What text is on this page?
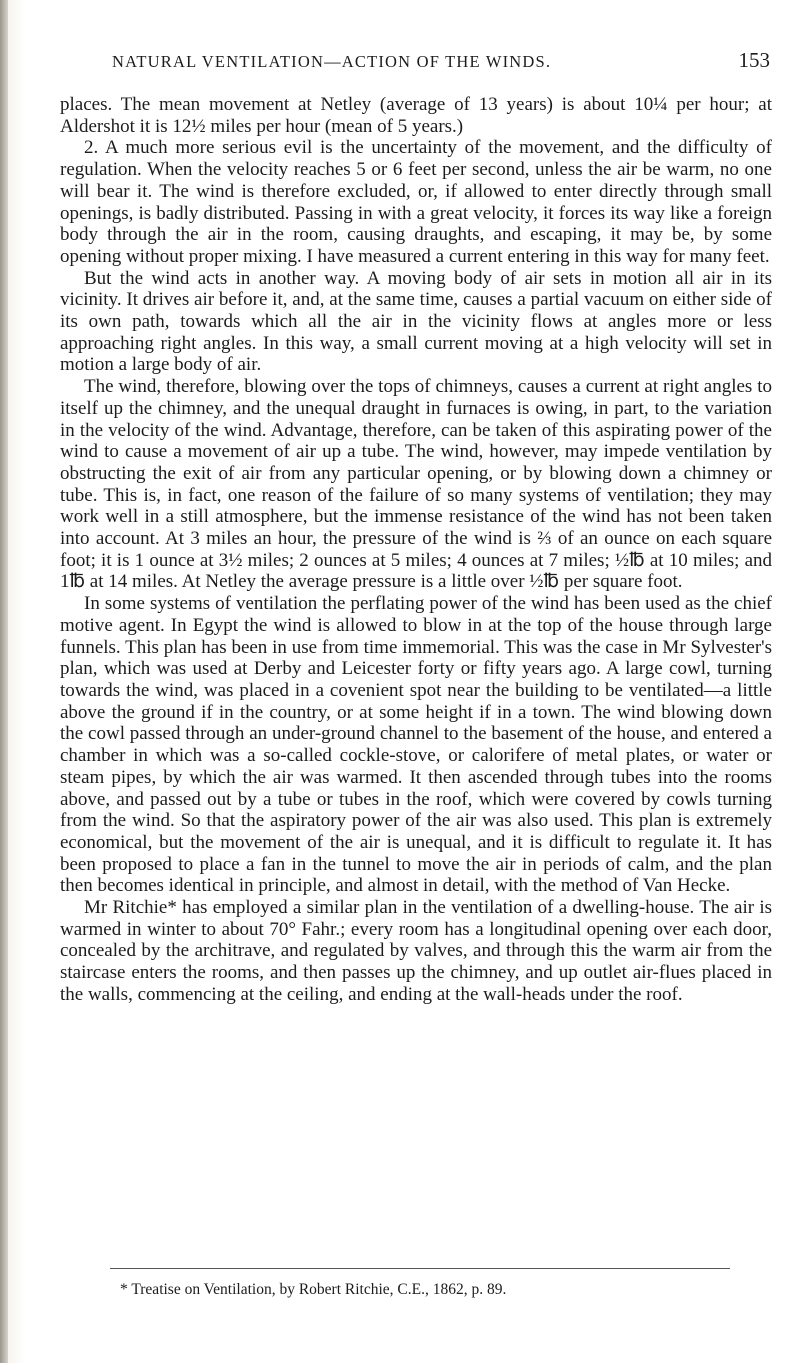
NATURAL VENTILATION—ACTION OF THE WINDS.	153

places. The mean movement at Netley (average of 13 years) is about 10¼ per hour; at Aldershot it is 12½ miles per hour (mean of 5 years.)

2. A much more serious evil is the uncertainty of the movement, and the difficulty of regulation. When the velocity reaches 5 or 6 feet per second, unless the air be warm, no one will bear it. The wind is therefore excluded, or, if allowed to enter directly through small openings, is badly distributed. Passing in with a great velocity, it forces its way like a foreign body through the air in the room, causing draughts, and escaping, it may be, by some opening without proper mixing. I have measured a current entering in this way for many feet.

But the wind acts in another way. A moving body of air sets in motion all air in its vicinity. It drives air before it, and, at the same time, causes a partial vacuum on either side of its own path, towards which all the air in the vicinity flows at angles more or less approaching right angles. In this way, a small current moving at a high velocity will set in motion a large body of air.

The wind, therefore, blowing over the tops of chimneys, causes a current at right angles to itself up the chimney, and the unequal draught in furnaces is owing, in part, to the variation in the velocity of the wind. Advantage, therefore, can be taken of this aspirating power of the wind to cause a movement of air up a tube. The wind, however, may impede ventilation by obstructing the exit of air from any particular opening, or by blowing down a chimney or tube. This is, in fact, one reason of the failure of so many systems of ventilation; they may work well in a still atmosphere, but the immense resistance of the wind has not been taken into account. At 3 miles an hour, the pressure of the wind is ⅔ of an ounce on each square foot; it is 1 ounce at 3½ miles; 2 ounces at 5 miles; 4 ounces at 7 miles; ½℔ at 10 miles; and 1℔ at 14 miles. At Netley the average pressure is a little over ½℔ per square foot.

In some systems of ventilation the perflating power of the wind has been used as the chief motive agent. In Egypt the wind is allowed to blow in at the top of the house through large funnels. This plan has been in use from time immemorial. This was the case in Mr Sylvester's plan, which was used at Derby and Leicester forty or fifty years ago. A large cowl, turning towards the wind, was placed in a covenient spot near the building to be ventilated—a little above the ground if in the country, or at some height if in a town. The wind blowing down the cowl passed through an under-ground channel to the basement of the house, and entered a chamber in which was a so-called cockle-stove, or calorifere of metal plates, or water or steam pipes, by which the air was warmed. It then ascended through tubes into the rooms above, and passed out by a tube or tubes in the roof, which were covered by cowls turning from the wind. So that the aspiratory power of the air was also used. This plan is extremely economical, but the movement of the air is unequal, and it is difficult to regulate it. It has been proposed to place a fan in the tunnel to move the air in periods of calm, and the plan then becomes identical in principle, and almost in detail, with the method of Van Hecke.

Mr Ritchie* has employed a similar plan in the ventilation of a dwelling-house. The air is warmed in winter to about 70° Fahr.; every room has a longitudinal opening over each door, concealed by the architrave, and regulated by valves, and through this the warm air from the staircase enters the rooms, and then passes up the chimney, and up outlet air-flues placed in the walls, commencing at the ceiling, and ending at the wall-heads under the roof.

* Treatise on Ventilation, by Robert Ritchie, C.E., 1862, p. 89.
